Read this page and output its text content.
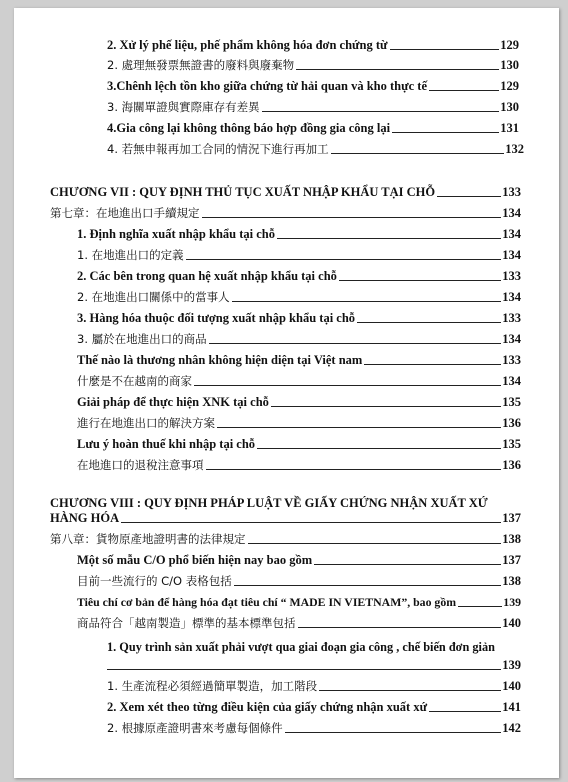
2. Xử lý phế liệu, phế phẩm không hóa đơn chứng từ	129
2. 處理無發票無證書的廢料與廢棄物	130
3.Chênh lệch tồn kho giữa chứng từ hải quan và kho thực tế	129
3. 海關單證與實際庫存有差異	130
4.Gia công lại không thông báo hợp đồng gia công lại	131
4. 若無申報再加工合同的情況下進行再加工	132
CHƯƠNG VII : QUY ĐỊNH THỦ TỤC XUẤT NHẬP KHẨU TẠI CHỖ	133
第七章：在地進出口手續規定	134
1. Định nghĩa xuất nhập khẩu tại chỗ	134
1. 在地進出口的定義	134
2. Các bên trong quan hệ xuất nhập khẩu tại chỗ	133
2. 在地進出口關係中的當事人	134
3. Hàng hóa thuộc đối tượng xuất nhập khẩu tại chỗ	133
3. 屬於在地進出口的商品	134
Thế nào là thương nhân không hiện diện tại Việt nam	133
什麼是不在越南的商家	134
Giải pháp để thực hiện XNK tại chỗ	135
進行在地進出口的解決方案	136
Lưu ý hoàn thuế khi nhập tại chỗ	135
在地進口的退稅注意事項	136
CHƯƠNG VIII : QUY ĐỊNH PHÁP LUẬT VỀ GIẤY CHỨNG NHẬN XUẤT XỨ
HÀNG HÓA	137
第八章：貨物原產地證明書的法律規定	138
Một số mẫu C/O phổ biến hiện nay bao gồm	137
目前一些流行的 C/O 表格包括	138
Tiêu chí cơ bản để hàng hóa đạt tiêu chí “ MADE IN VIETNAM”, bao gồm	139
商品符合「越南製造」標準的基本標準包括	140
1. Quy trình sản xuất phải vượt qua giai đoạn gia công , chế biến đơn giản
139
1. 生產流程必須經過簡單製造，加工階段	140
2. Xem xét theo từng điều kiện của giấy chứng nhận xuất xứ	141
2. 根據原產證明書來考慮每個條件	142
